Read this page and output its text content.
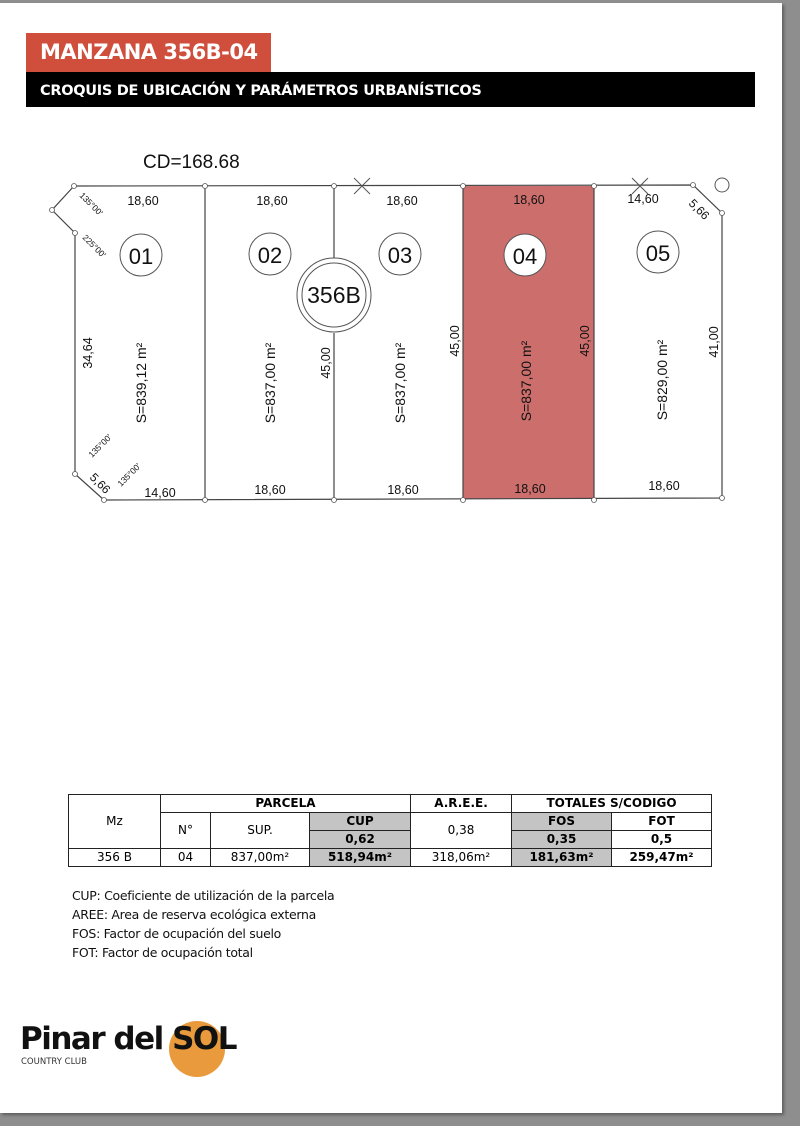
MANZANA 356B-04
CROQUIS DE UBICACIÓN Y PARÁMETROS URBANÍSTICOS
CD=168.68
356B
01	02	03	04	05
18,60	18,60	18,60	18,60	14,60
14,60	18,60	18,60	18,60	18,60
34,64	45,00
45,00	45,00	41,00
S=839,12 m²	S=837,00 m²	S=837,00 m²	S=837,00 m²	S=829,00 m²
135°00'
225°00'
135°00'
135°00'
5,66
5,66
Mz	PARCELA			A.R.E.E.	TOTALES S/CODIGO	
	N°	SUP.	CUP	0,38	FOS	FOT
			0,62		0,35	0,5
356 B	04	837,00m²	518,94m²	318,06m²	181,63m²	259,47m²
CUP: Coeficiente de utilización de la parcela
AREE: Area de reserva ecológica externa
FOS: Factor de ocupación del suelo
FOT: Factor de ocupación total
Pinar del SOL
COUNTRY CLUB
